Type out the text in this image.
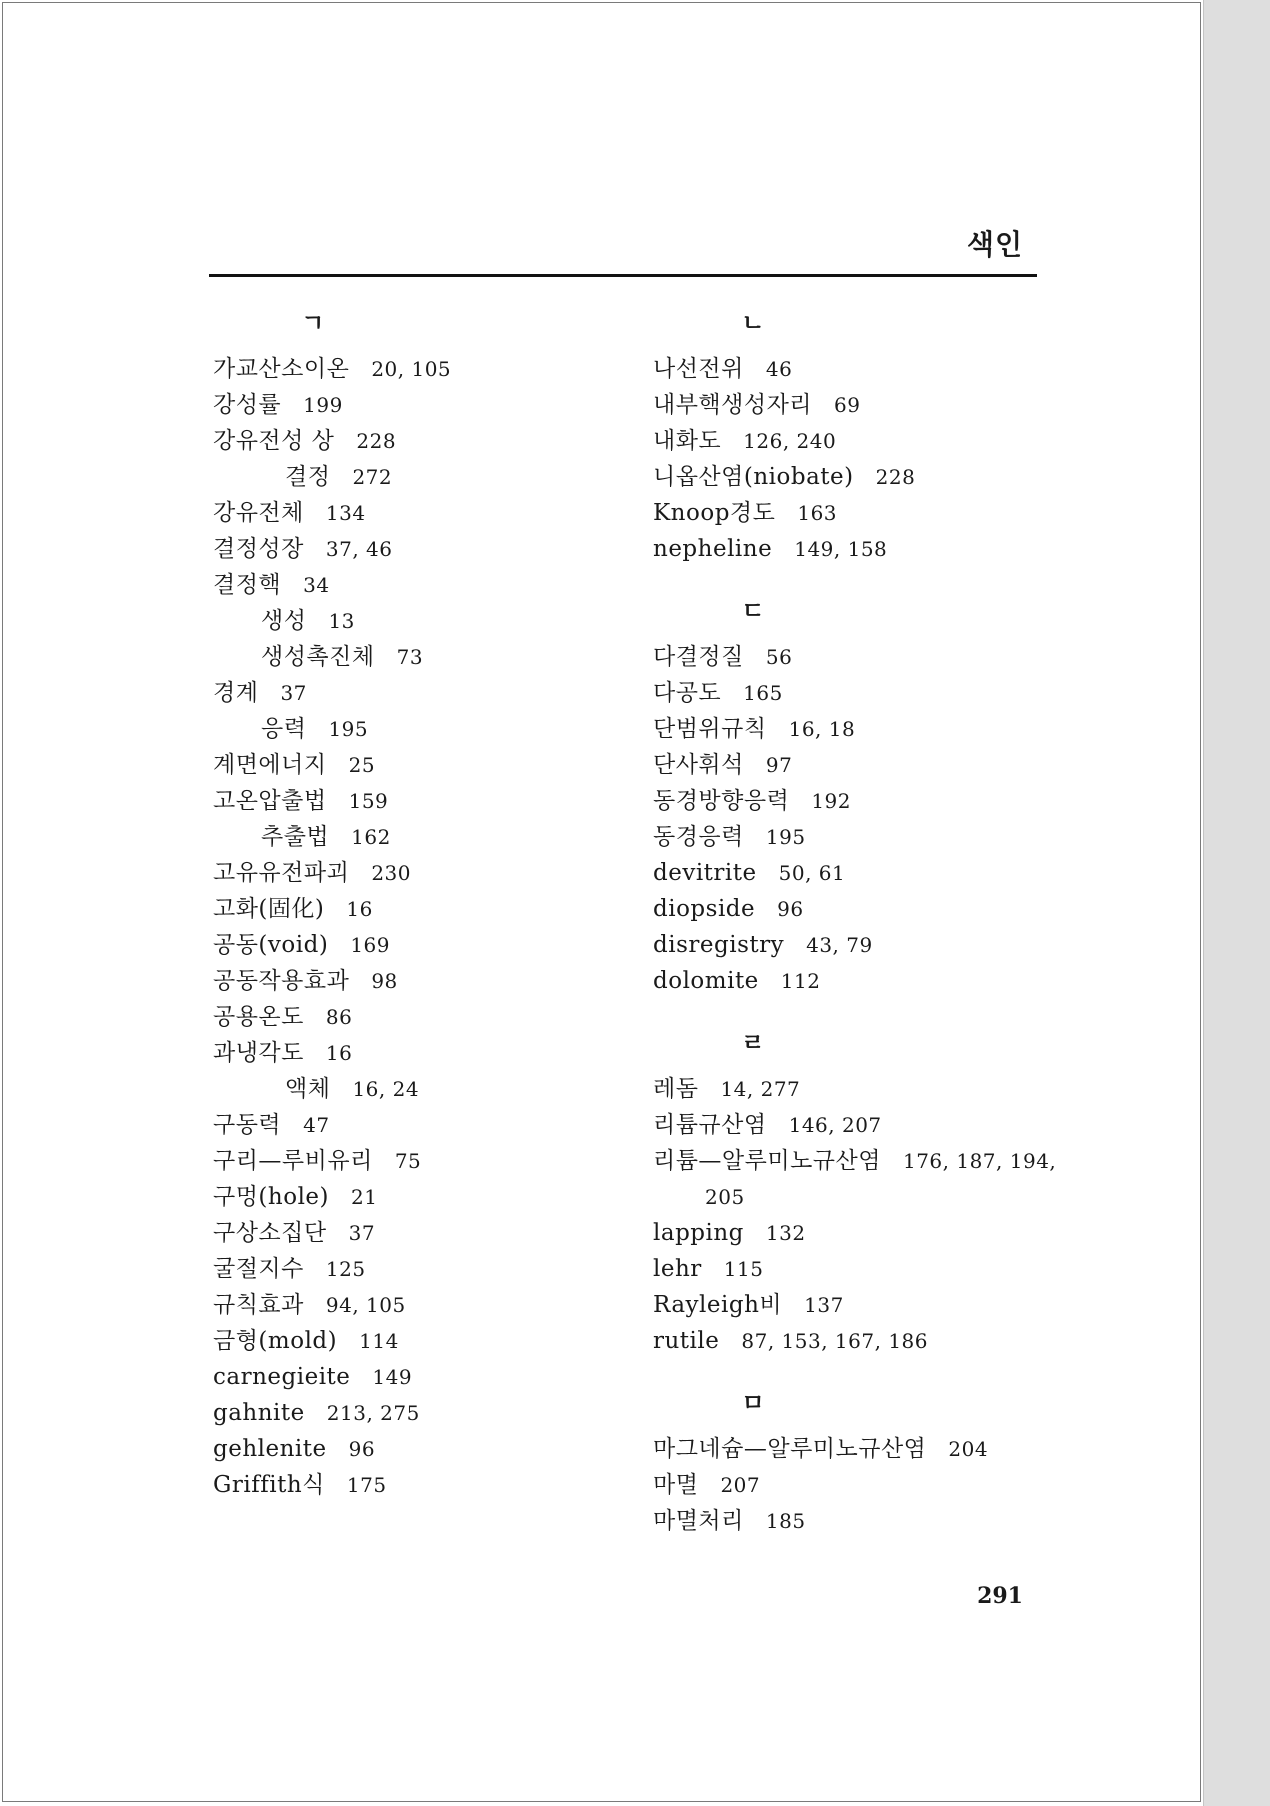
색인
ㄱ
가교산소이온 20, 105
강성률 199
강유전성 상 228
결정 272
강유전체 134
결정성장 37, 46
결정핵 34
생성 13
생성촉진체 73
경계 37
응력 195
계면에너지 25
고온압출법 159
추출법 162
고유유전파괴 230
고화(固化) 16
공동(void) 169
공동작용효과 98
공용온도 86
과냉각도 16
액체 16, 24
구동력 47
구리—루비유리 75
구멍(hole) 21
구상소집단 37
굴절지수 125
규칙효과 94, 105
금형(mold) 114
carnegieite 149
gahnite 213, 275
gehlenite 96
Griffith식 175
ㄴ
나선전위 46
내부핵생성자리 69
내화도 126, 240
니옵산염(niobate) 228
Knoop경도 163
nepheline 149, 158
ㄷ
다결정질 56
다공도 165
단범위규칙 16, 18
단사휘석 97
동경방향응력 192
동경응력 195
devitrite 50, 61
diopside 96
disregistry 43, 79
dolomite 112
ㄹ
레돔 14, 277
리튬규산염 146, 207
리튬—알루미노규산염 176, 187, 194,
205
lapping 132
lehr 115
Rayleigh비 137
rutile 87, 153, 167, 186
ㅁ
마그네슘—알루미노규산염 204
마멸 207
마멸처리 185
291
